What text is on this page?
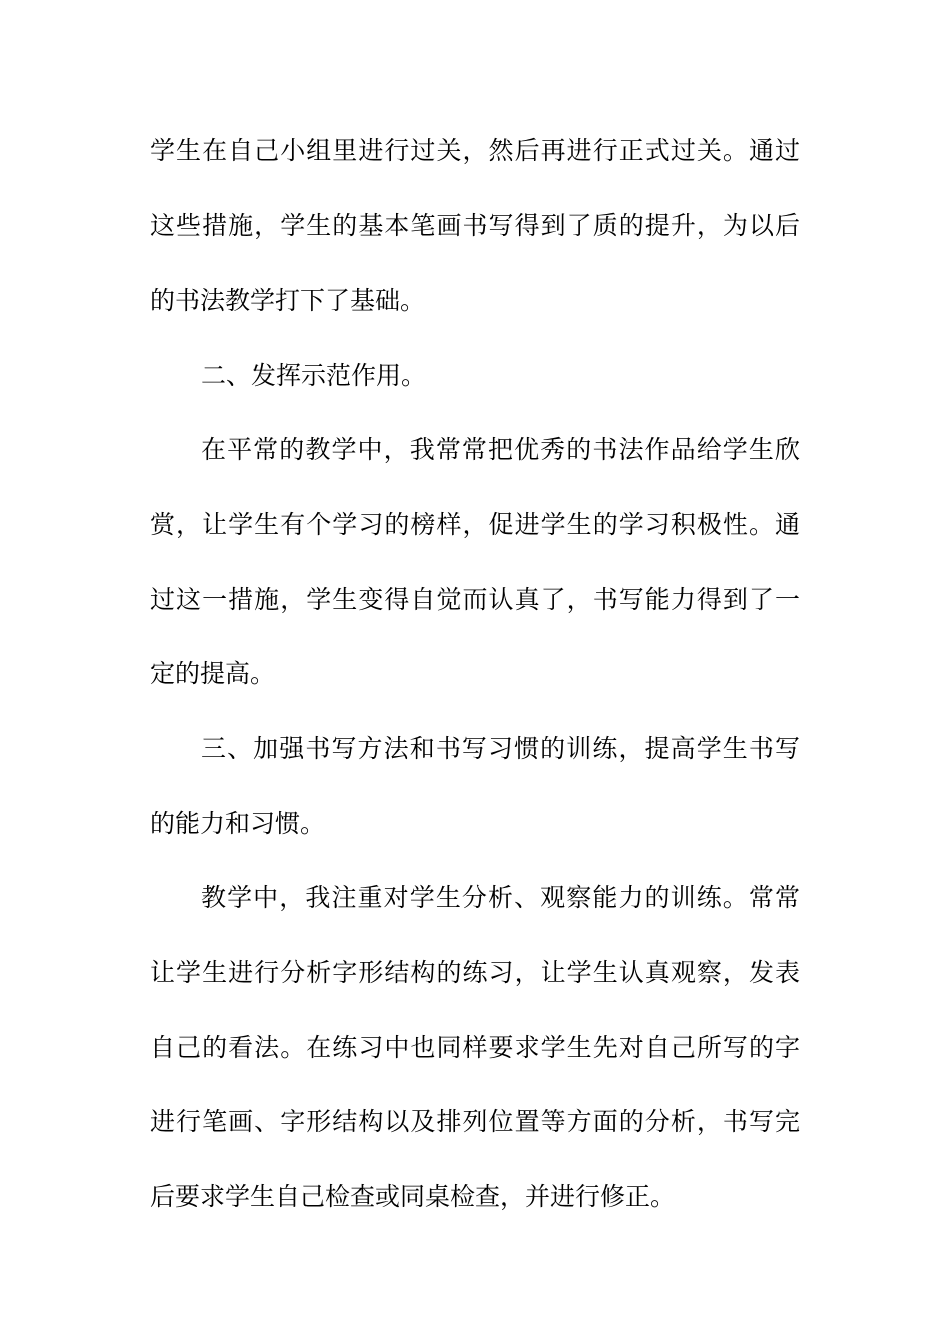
学生在自己小组里进行过关，然后再进行正式过关。通过
这些措施，学生的基本笔画书写得到了质的提升，为以后
的书法教学打下了基础。
二、发挥示范作用。
在平常的教学中，我常常把优秀的书法作品给学生欣
赏，让学生有个学习的榜样，促进学生的学习积极性。通
过这一措施，学生变得自觉而认真了，书写能力得到了一
定的提高。
三、加强书写方法和书写习惯的训练，提高学生书写
的能力和习惯。
教学中，我注重对学生分析、观察能力的训练。常常
让学生进行分析字形结构的练习，让学生认真观察，发表
自己的看法。在练习中也同样要求学生先对自己所写的字
进行笔画、字形结构以及排列位置等方面的分析，书写完
后要求学生自己检查或同桌检查，并进行修正。
